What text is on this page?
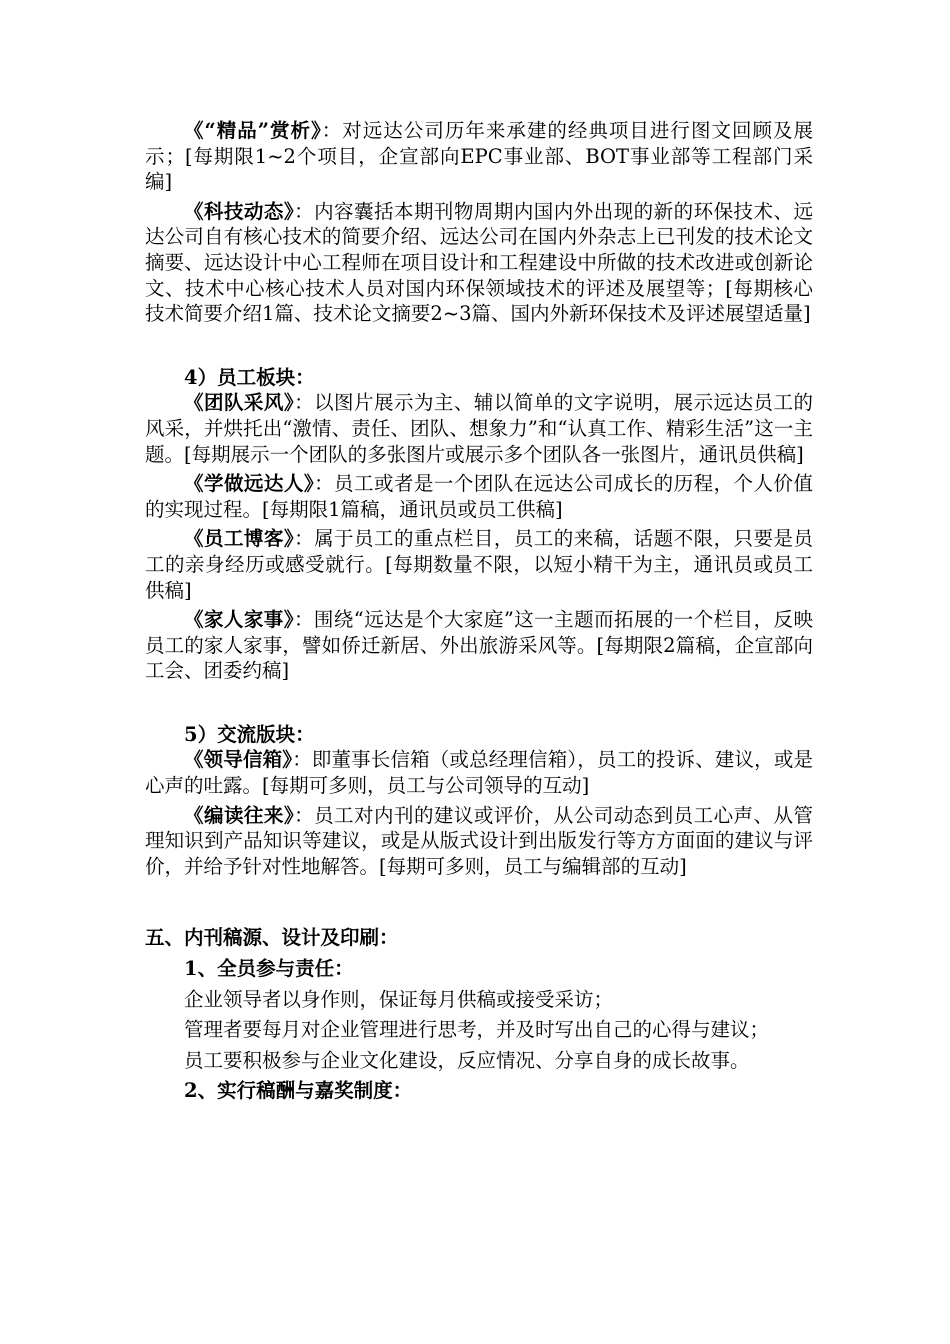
《“精品”赏析》：对远达公司历年来承建的经典项目进行图文回顾及展示；[每期限1~2个项目，企宣部向EPC事业部、BOT事业部等工程部门采编]

《科技动态》：内容囊括本期刊物周期内国内外出现的新的环保技术、远达公司自有核心技术的简要介绍、远达公司在国内外杂志上已刊发的技术论文摘要、远达设计中心工程师在项目设计和工程建设中所做的技术改进或创新论文、技术中心核心技术人员对国内环保领域技术的评述及展望等；[每期核心技术简要介绍1篇、技术论文摘要2~3篇、国内外新环保技术及评述展望适量]

4）员工板块：

《团队采风》：以图片展示为主、辅以简单的文字说明，展示远达员工的风采，并烘托出“激情、责任、团队、想象力”和“认真工作、精彩生活”这一主题。[每期展示一个团队的多张图片或展示多个团队各一张图片，通讯员供稿]

《学做远达人》：员工或者是一个团队在远达公司成长的历程，个人价值的实现过程。[每期限1篇稿，通讯员或员工供稿]

《员工博客》：属于员工的重点栏目，员工的来稿，话题不限，只要是员工的亲身经历或感受就行。[每期数量不限，以短小精干为主，通讯员或员工供稿]

《家人家事》：围绕“远达是个大家庭”这一主题而拓展的一个栏目，反映员工的家人家事，譬如侨迁新居、外出旅游采风等。[每期限2篇稿，企宣部向工会、团委约稿]

5）交流版块：

《领导信箱》：即董事长信箱（或总经理信箱），员工的投诉、建议，或是心声的吐露。[每期可多则，员工与公司领导的互动]

《编读往来》：员工对内刊的建议或评价，从公司动态到员工心声、从管理知识到产品知识等建议，或是从版式设计到出版发行等方方面面的建议与评价，并给予针对性地解答。[每期可多则，员工与编辑部的互动]

五、内刊稿源、设计及印刷：

1、全员参与责任：

企业领导者以身作则，保证每月供稿或接受采访；

管理者要每月对企业管理进行思考，并及时写出自己的心得与建议；

员工要积极参与企业文化建设，反应情况、分享自身的成长故事。

2、实行稿酬与嘉奖制度：
